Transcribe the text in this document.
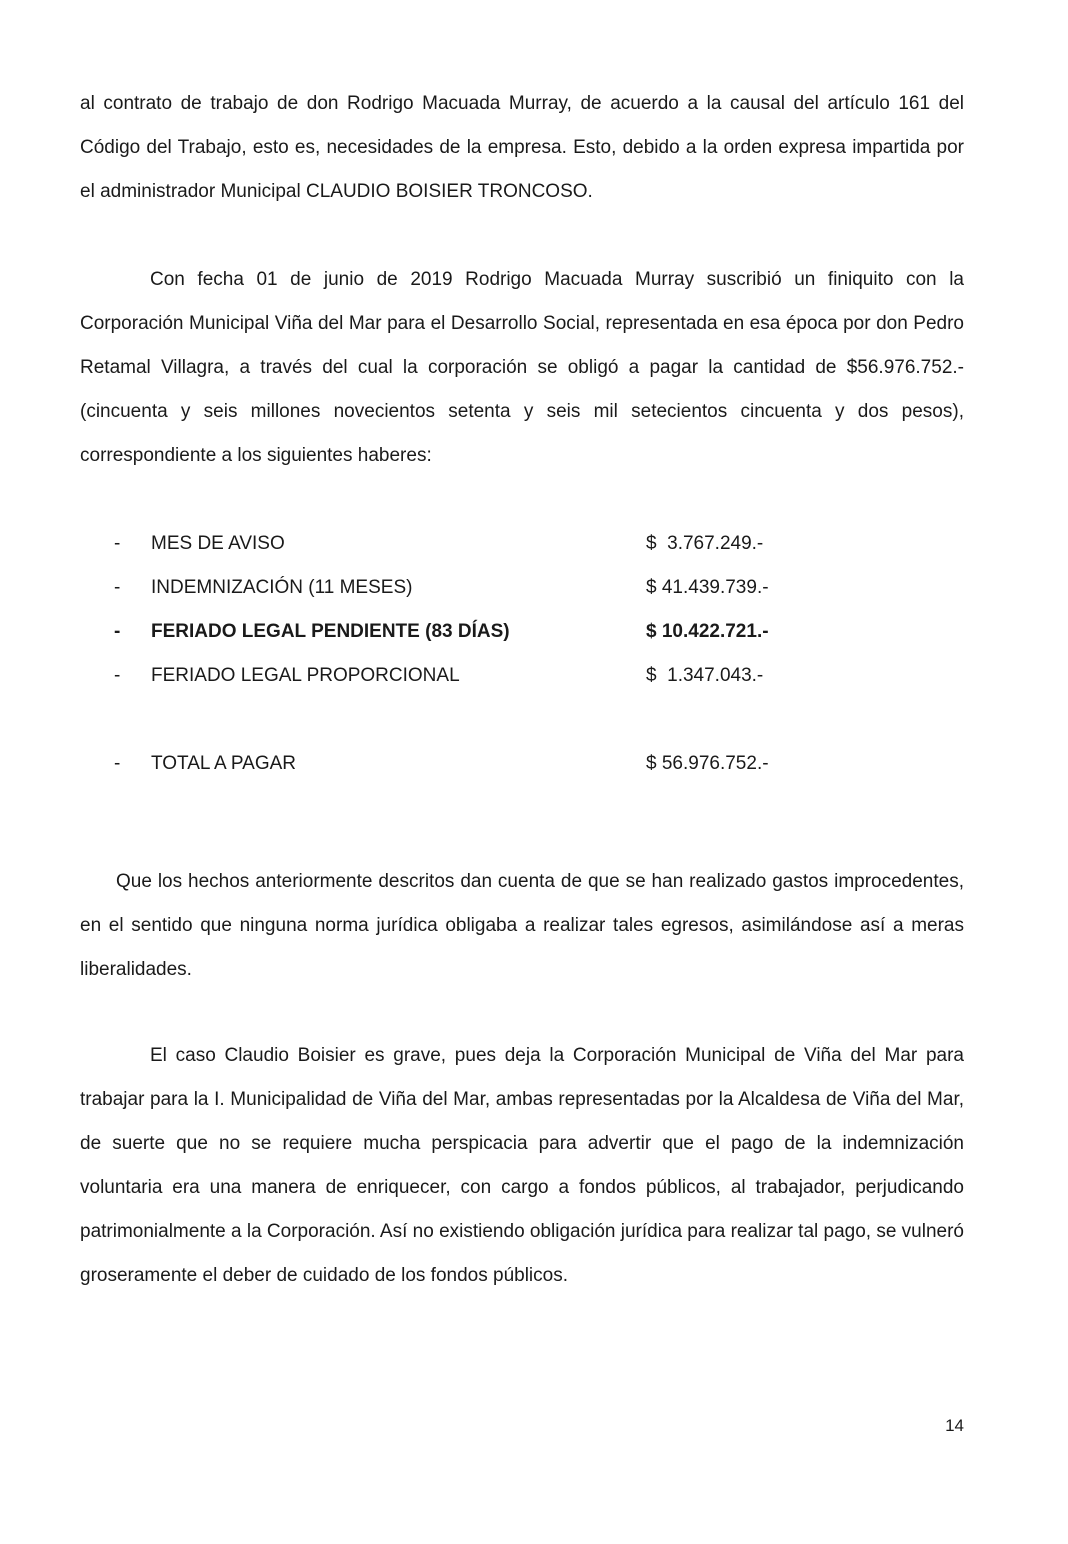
al contrato de trabajo de don Rodrigo Macuada Murray, de acuerdo a la causal del artículo 161 del Código del Trabajo, esto es, necesidades de la empresa. Esto, debido a la orden expresa impartida por el administrador Municipal CLAUDIO BOISIER TRONCOSO.

Con fecha 01 de junio de 2019 Rodrigo Macuada Murray suscribió un finiquito con la Corporación Municipal Viña del Mar para el Desarrollo Social, representada en esa época por don Pedro Retamal Villagra, a través del cual la corporación se obligó a pagar la cantidad de $56.976.752.- (cincuenta y seis millones novecientos setenta y seis mil setecientos cincuenta y dos pesos), correspondiente a los siguientes haberes:

- MES DE AVISO	$  3.767.249.-
- INDEMNIZACIÓN (11 MESES)	$ 41.439.739.-
- FERIADO LEGAL PENDIENTE (83 DÍAS)	$ 10.422.721.-
- FERIADO LEGAL PROPORCIONAL	$  1.347.043.-
- TOTAL A PAGAR	$ 56.976.752.-

Que los hechos anteriormente descritos dan cuenta de que se han realizado gastos improcedentes, en el sentido que ninguna norma jurídica obligaba a realizar tales egresos, asimilándose así a meras liberalidades.

El caso Claudio Boisier es grave, pues deja la Corporación Municipal de Viña del Mar para trabajar para la I. Municipalidad de Viña del Mar, ambas representadas por la Alcaldesa de Viña del Mar, de suerte que no se requiere mucha perspicacia para advertir que el pago de la indemnización voluntaria era una manera de enriquecer, con cargo a fondos públicos, al trabajador, perjudicando patrimonialmente a la Corporación. Así no existiendo obligación jurídica para realizar tal pago, se vulneró groseramente el deber de cuidado de los fondos públicos.

14
